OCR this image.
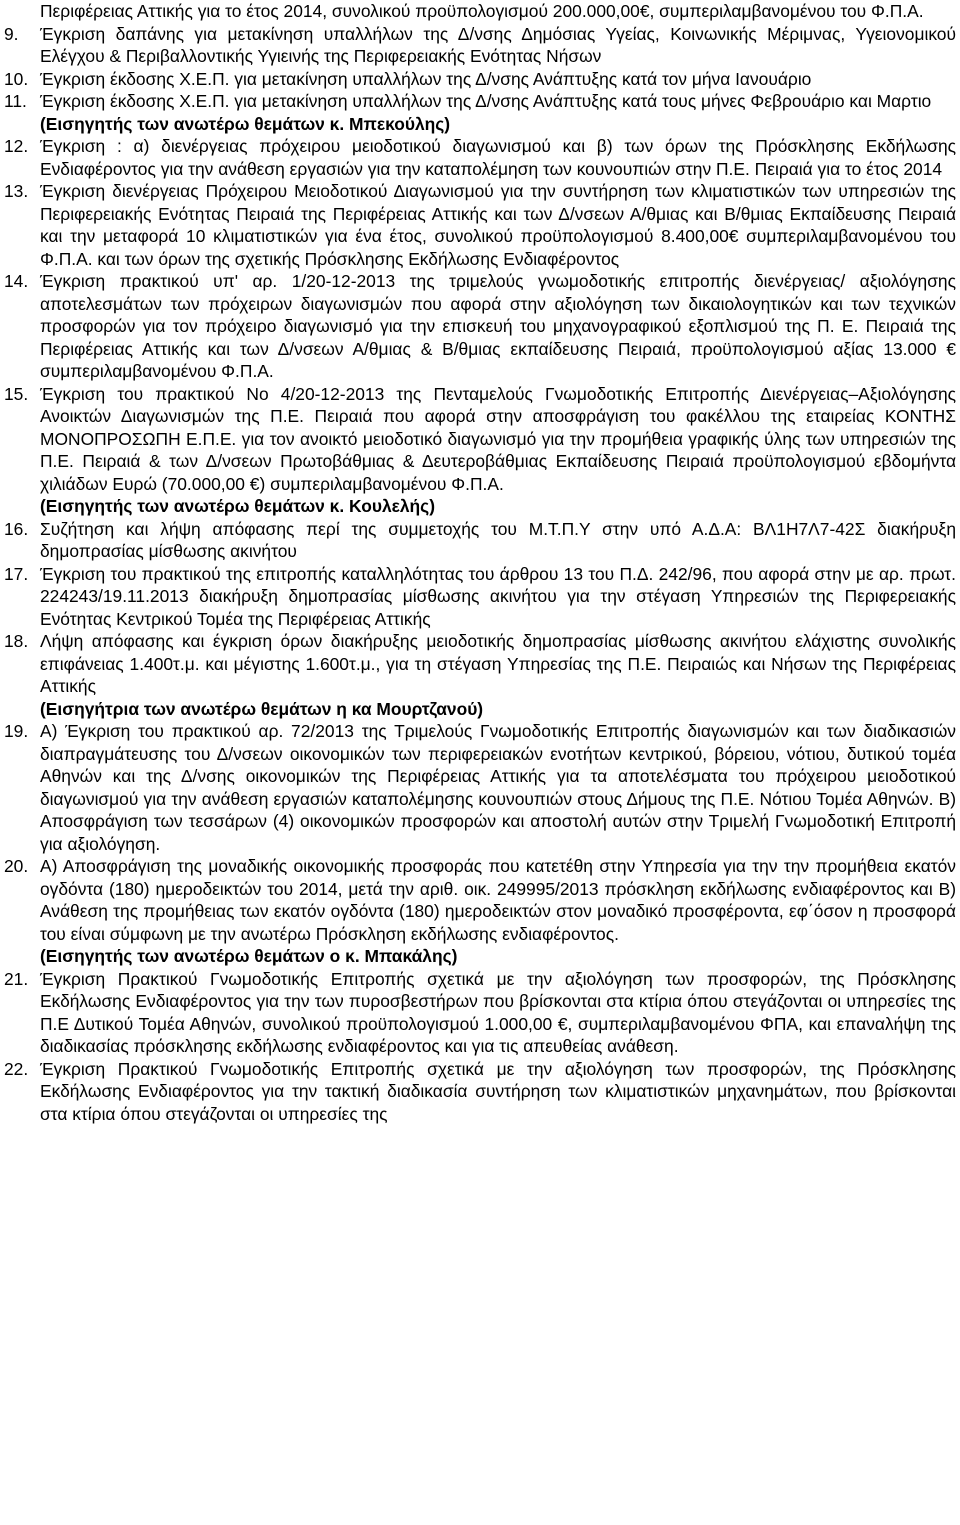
Περιφέρειας Αττικής για το έτος 2014, συνολικού προϋπολογισμού 200.000,00€, συμπεριλαμβανομένου του Φ.Π.Α.
9.	Έγκριση δαπάνης για μετακίνηση υπαλλήλων της Δ/νσης Δημόσιας Υγείας, Κοινωνικής Μέριμνας, Υγειονομικού Ελέγχου & Περιβαλλοντικής Υγιεινής της Περιφερειακής Ενότητας Νήσων
10. Έγκριση έκδοσης Χ.Ε.Π. για μετακίνηση υπαλλήλων της Δ/νσης Ανάπτυξης κατά τον μήνα Ιανουάριο
11. Έγκριση έκδοσης Χ.Ε.Π. για μετακίνηση υπαλλήλων της Δ/νσης Ανάπτυξης κατά τους μήνες Φεβρουάριο και Μαρτιο
(Εισηγητής των ανωτέρω θεμάτων κ. Μπεκούλης)
12. Έγκριση : α) διενέργειας πρόχειρου μειοδοτικού διαγωνισμού και β) των όρων της Πρόσκλησης Εκδήλωσης Ενδιαφέροντος για την ανάθεση εργασιών για την καταπολέμηση των κουνουπιών στην Π.Ε. Πειραιά για το έτος 2014
13. Έγκριση διενέργειας Πρόχειρου Μειοδοτικού Διαγωνισμού για την συντήρηση των κλιματιστικών των υπηρεσιών της Περιφερειακής Ενότητας Πειραιά της Περιφέρειας Αττικής και των Δ/νσεων Α/θμιας και Β/θμιας Εκπαίδευσης Πειραιά και την μεταφορά 10 κλιματιστικών για ένα έτος, συνολικού προϋπολογισμού 8.400,00€ συμπεριλαμβανομένου του Φ.Π.Α. και των όρων της σχετικής Πρόσκλησης Εκδήλωσης Ενδιαφέροντος
14. Έγκριση πρακτικού υπ' αρ. 1/20-12-2013 της τριμελούς γνωμοδοτικής επιτροπής διενέργειας/ αξιολόγησης αποτελεσμάτων των πρόχειρων διαγωνισμών που αφορά στην αξιολόγηση των δικαιολογητικών και των τεχνικών προσφορών για τον πρόχειρο διαγωνισμό για την επισκευή του μηχανογραφικού εξοπλισμού της Π. Ε. Πειραιά της Περιφέρειας Αττικής και των Δ/νσεων Α/θμιας & Β/θμιας εκπαίδευσης Πειραιά, προϋπολογισμού αξίας 13.000 € συμπεριλαμβανομένου Φ.Π.Α.
15. Έγκριση του πρακτικού Νο 4/20-12-2013 της Πενταμελούς Γνωμοδοτικής Επιτροπής Διενέργειας–Αξιολόγησης Ανοικτών Διαγωνισμών της Π.Ε. Πειραιά που αφορά στην αποσφράγιση του φακέλλου της εταιρείας ΚΟΝΤΗΣ ΜΟΝΟΠΡΟΣΩΠΗ Ε.Π.Ε. για τον ανοικτό μειοδοτικό διαγωνισμό για την προμήθεια γραφικής ύλης των υπηρεσιών της Π.Ε. Πειραιά & των Δ/νσεων Πρωτοβάθμιας & Δευτεροβάθμιας Εκπαίδευσης Πειραιά προϋπολογισμού εβδομήντα χιλιάδων Ευρώ (70.000,00 €) συμπεριλαμβανομένου Φ.Π.Α.
(Εισηγητής των ανωτέρω θεμάτων κ. Κουλελής)
16. Συζήτηση και λήψη απόφασης περί της συμμετοχής του Μ.Τ.Π.Υ στην υπό Α.Δ.Α: ΒΛ1Η7Λ7-42Σ διακήρυξη δημοπρασίας μίσθωσης ακινήτου
17. Έγκριση του πρακτικού της επιτροπής καταλληλότητας του άρθρου 13 του Π.Δ. 242/96, που αφορά στην με αρ. πρωτ. 224243/19.11.2013 διακήρυξη δημοπρασίας μίσθωσης ακινήτου για την στέγαση Υπηρεσιών της Περιφερειακής Ενότητας Κεντρικού Τομέα της Περιφέρειας Αττικής
18. Λήψη απόφασης και έγκριση όρων διακήρυξης μειοδοτικής δημοπρασίας μίσθωσης ακινήτου ελάχιστης συνολικής επιφάνειας 1.400τ.μ. και μέγιστης 1.600τ.μ., για τη στέγαση Υπηρεσίας της Π.Ε. Πειραιώς και Νήσων της Περιφέρειας Αττικής
(Εισηγήτρια των ανωτέρω θεμάτων η κα Μουρτζανού)
19. Α) Έγκριση του πρακτικού αρ. 72/2013 της Τριμελούς Γνωμοδοτικής Επιτροπής διαγωνισμών και των διαδικασιών διαπραγμάτευσης του Δ/νσεων οικονομικών των περιφερειακών ενοτήτων κεντρικού, βόρειου, νότιου, δυτικού τομέα Αθηνών και της Δ/νσης οικονομικών της Περιφέρειας Αττικής για τα αποτελέσματα του πρόχειρου μειοδοτικού διαγωνισμού για την ανάθεση εργασιών καταπολέμησης κουνουπιών στους Δήμους της Π.Ε. Νότιου Τομέα Αθηνών. Β) Αποσφράγιση των τεσσάρων (4) οικονομικών προσφορών και αποστολή αυτών στην Τριμελή Γνωμοδοτική Επιτροπή για αξιολόγηση.
20. Α) Αποσφράγιση της μοναδικής οικονομικής προσφοράς που κατετέθη στην Υπηρεσία για την την προμήθεια εκατόν ογδόντα (180) ημεροδεικτών του 2014, μετά την αριθ. οικ. 249995/2013 πρόσκληση εκδήλωσης ενδιαφέροντος και Β) Ανάθεση της προμήθειας των εκατόν ογδόντα (180) ημεροδεικτών στον μοναδικό προσφέροντα, εφ΄όσον η προσφορά του είναι σύμφωνη με την ανωτέρω Πρόσκληση εκδήλωσης ενδιαφέροντος.
(Εισηγητής των ανωτέρω θεμάτων ο κ. Μπακάλης)
21. Έγκριση Πρακτικού Γνωμοδοτικής Επιτροπής σχετικά με την αξιολόγηση των προσφορών, της Πρόσκλησης Εκδήλωσης Ενδιαφέροντος για την των πυροσβεστήρων που βρίσκονται στα κτίρια όπου στεγάζονται οι υπηρεσίες της Π.Ε Δυτικού Τομέα Αθηνών, συνολικού προϋπολογισμού 1.000,00 €, συμπεριλαμβανομένου ΦΠΑ, και επαναλήψη της διαδικασίας πρόσκλησης εκδήλωσης ενδιαφέροντος και για τις απευθείας ανάθεση.
22. Έγκριση Πρακτικού Γνωμοδοτικής Επιτροπής σχετικά με την αξιολόγηση των προσφορών, της Πρόσκλησης Εκδήλωσης Ενδιαφέροντος για την τακτική διαδικασία συντήρηση των κλιματιστικών μηχανημάτων, που βρίσκονται στα κτίρια όπου στεγάζονται οι υπηρεσίες της
